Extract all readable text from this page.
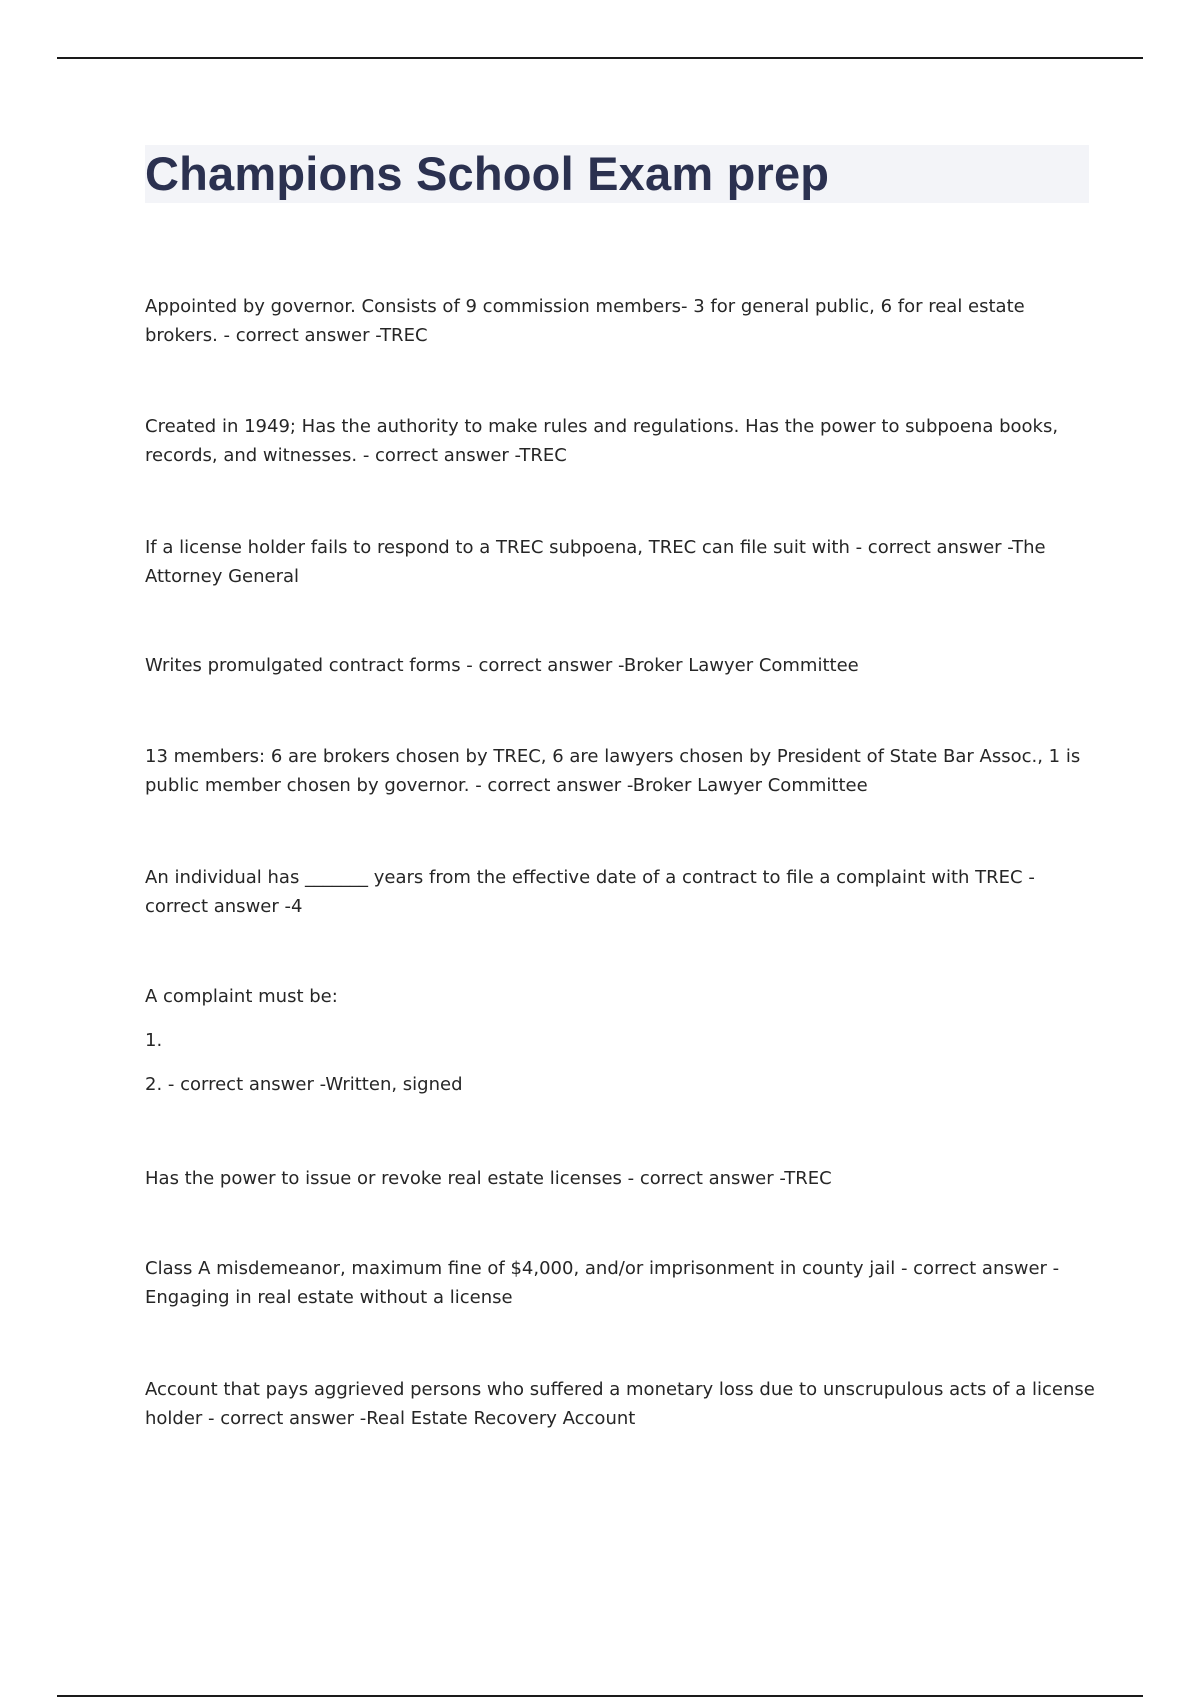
Champions School Exam prep

Appointed by governor. Consists of 9 commission members- 3 for general public, 6 for real estate brokers. - correct answer -TREC

Created in 1949; Has the authority to make rules and regulations. Has the power to subpoena books, records, and witnesses. - correct answer -TREC

If a license holder fails to respond to a TREC subpoena, TREC can file suit with - correct answer -The Attorney General

Writes promulgated contract forms - correct answer -Broker Lawyer Committee

13 members: 6 are brokers chosen by TREC, 6 are lawyers chosen by President of State Bar Assoc., 1 is public member chosen by governor. - correct answer -Broker Lawyer Committee

An individual has _______ years from the effective date of a contract to file a complaint with TREC - correct answer -4

A complaint must be:

1.

2. - correct answer -Written, signed

Has the power to issue or revoke real estate licenses - correct answer -TREC

Class A misdemeanor, maximum fine of $4,000, and/or imprisonment in county jail - correct answer -Engaging in real estate without a license

Account that pays aggrieved persons who suffered a monetary loss due to unscrupulous acts of a license holder - correct answer -Real Estate Recovery Account
